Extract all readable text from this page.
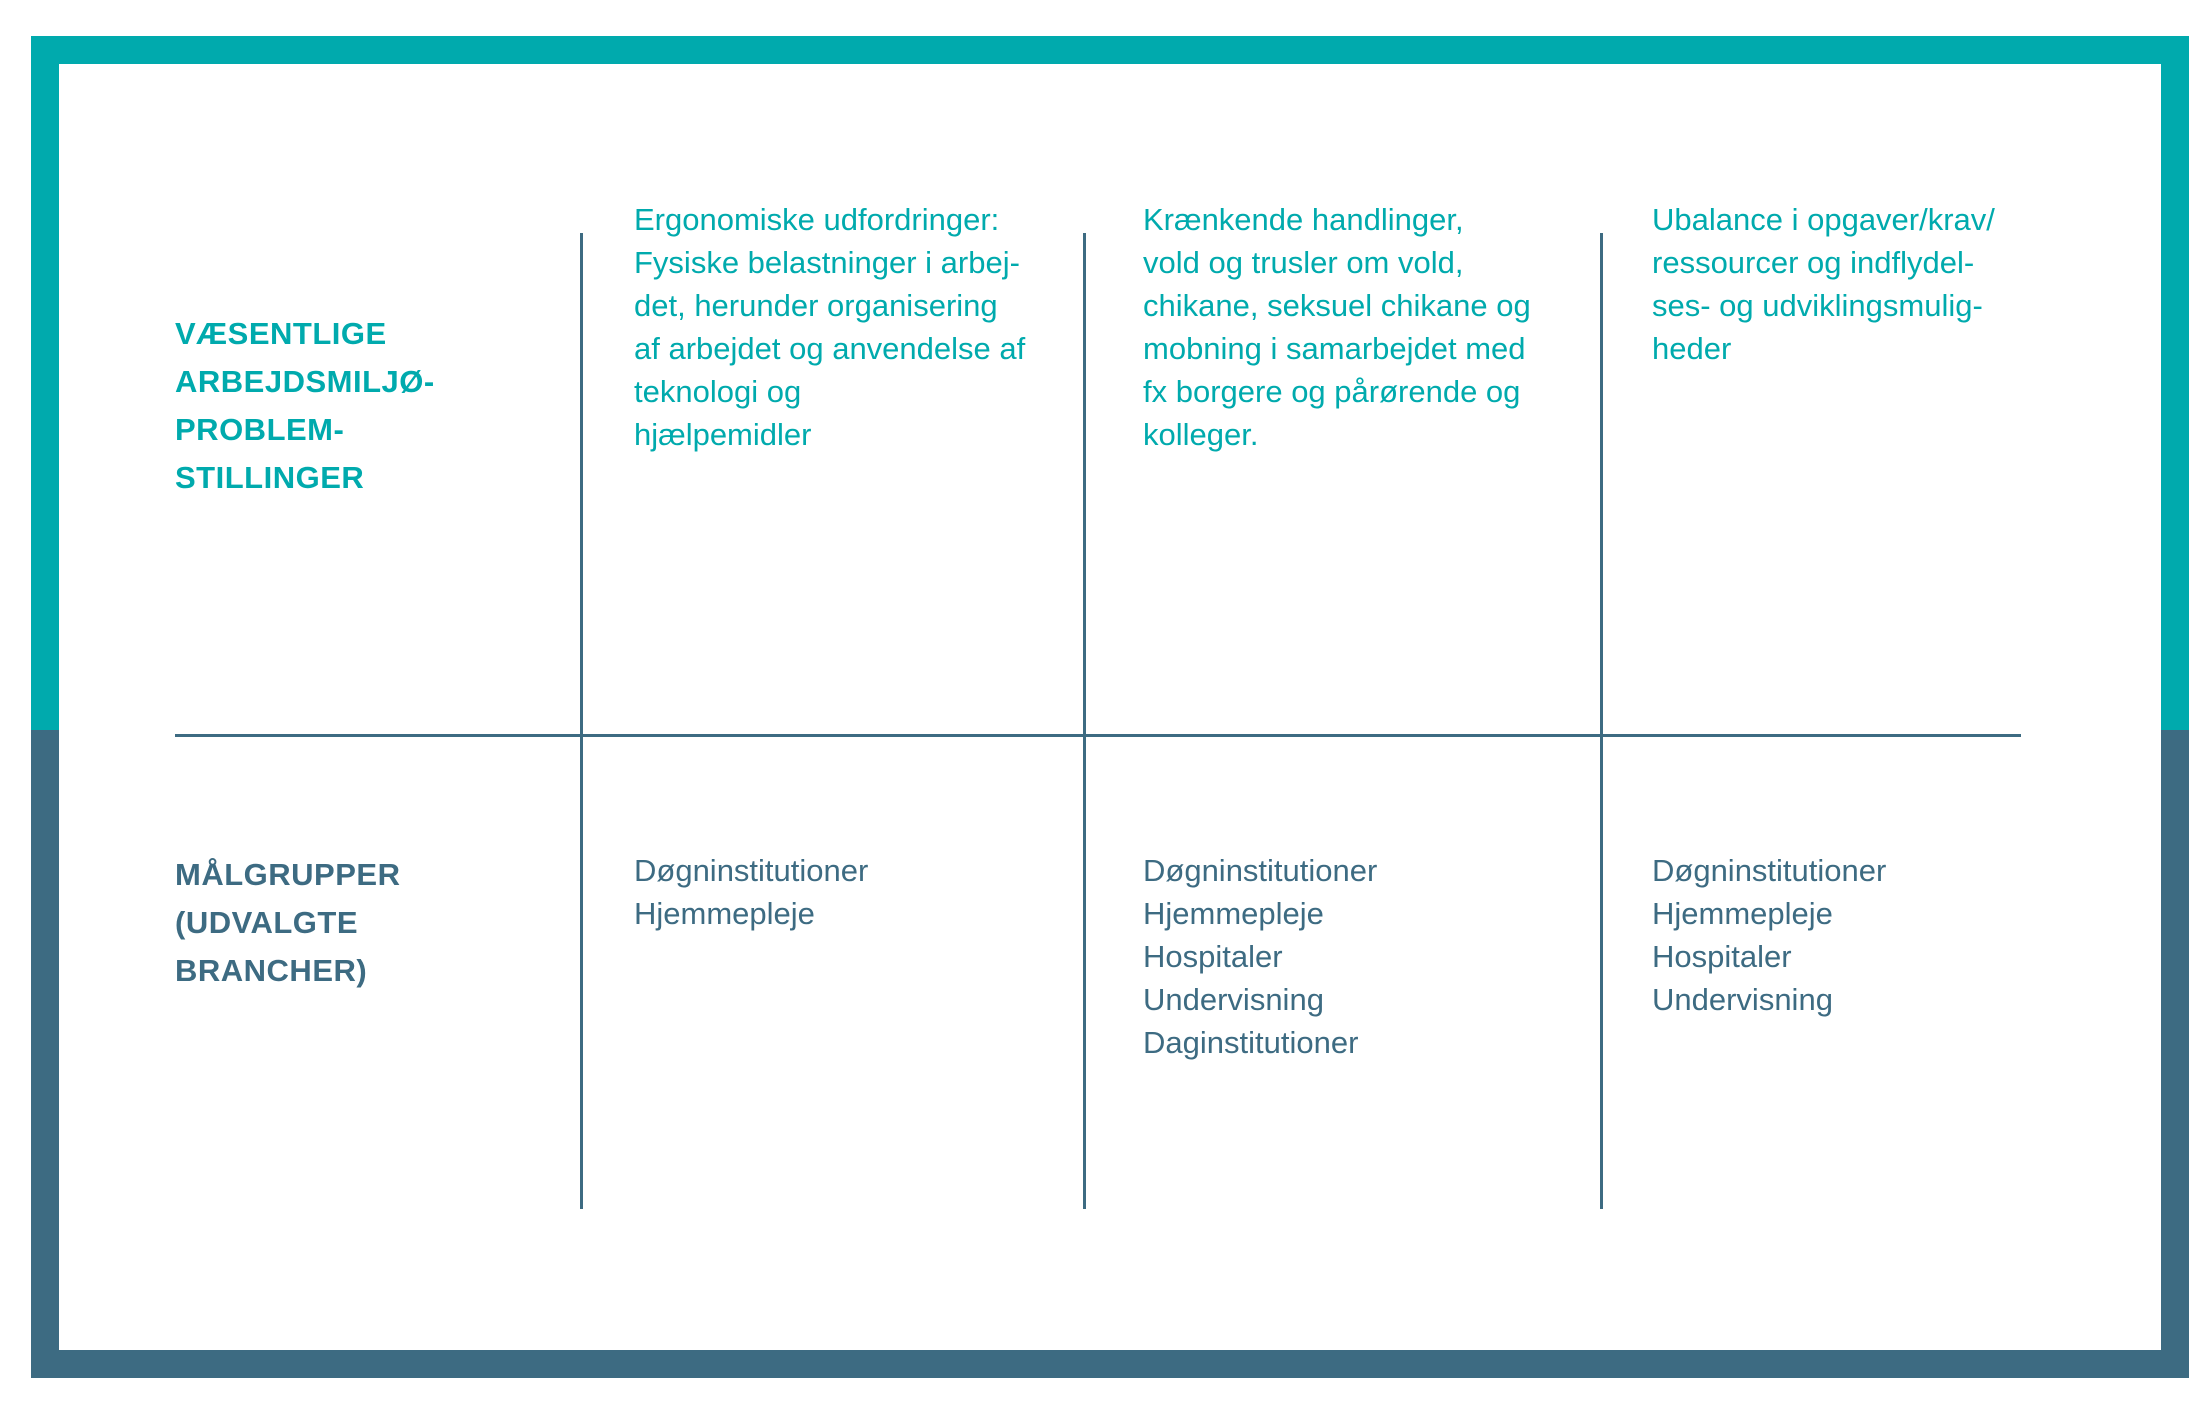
VÆSENTLIGE
ARBEJDSMILJØ-
PROBLEM-
STILLINGER

MÅLGRUPPER
(UDVALGTE
BRANCHER)

Ergonomiske udfordringer:
Fysiske belastninger i arbej-
det, herunder organisering
af arbejdet og anvendelse af
teknologi og
hjælpemidler

Krænkende handlinger,
vold og trusler om vold,
chikane, seksuel chikane og
mobning i samarbejdet med
fx borgere og pårørende og
kolleger.

Ubalance i opgaver/krav/
ressourcer og indflydel-
ses- og udviklingsmulig-
heder

Døgninstitutioner
Hjemmepleje

Døgninstitutioner
Hjemmepleje
Hospitaler
Undervisning
Daginstitutioner

Døgninstitutioner
Hjemmepleje
Hospitaler
Undervisning
